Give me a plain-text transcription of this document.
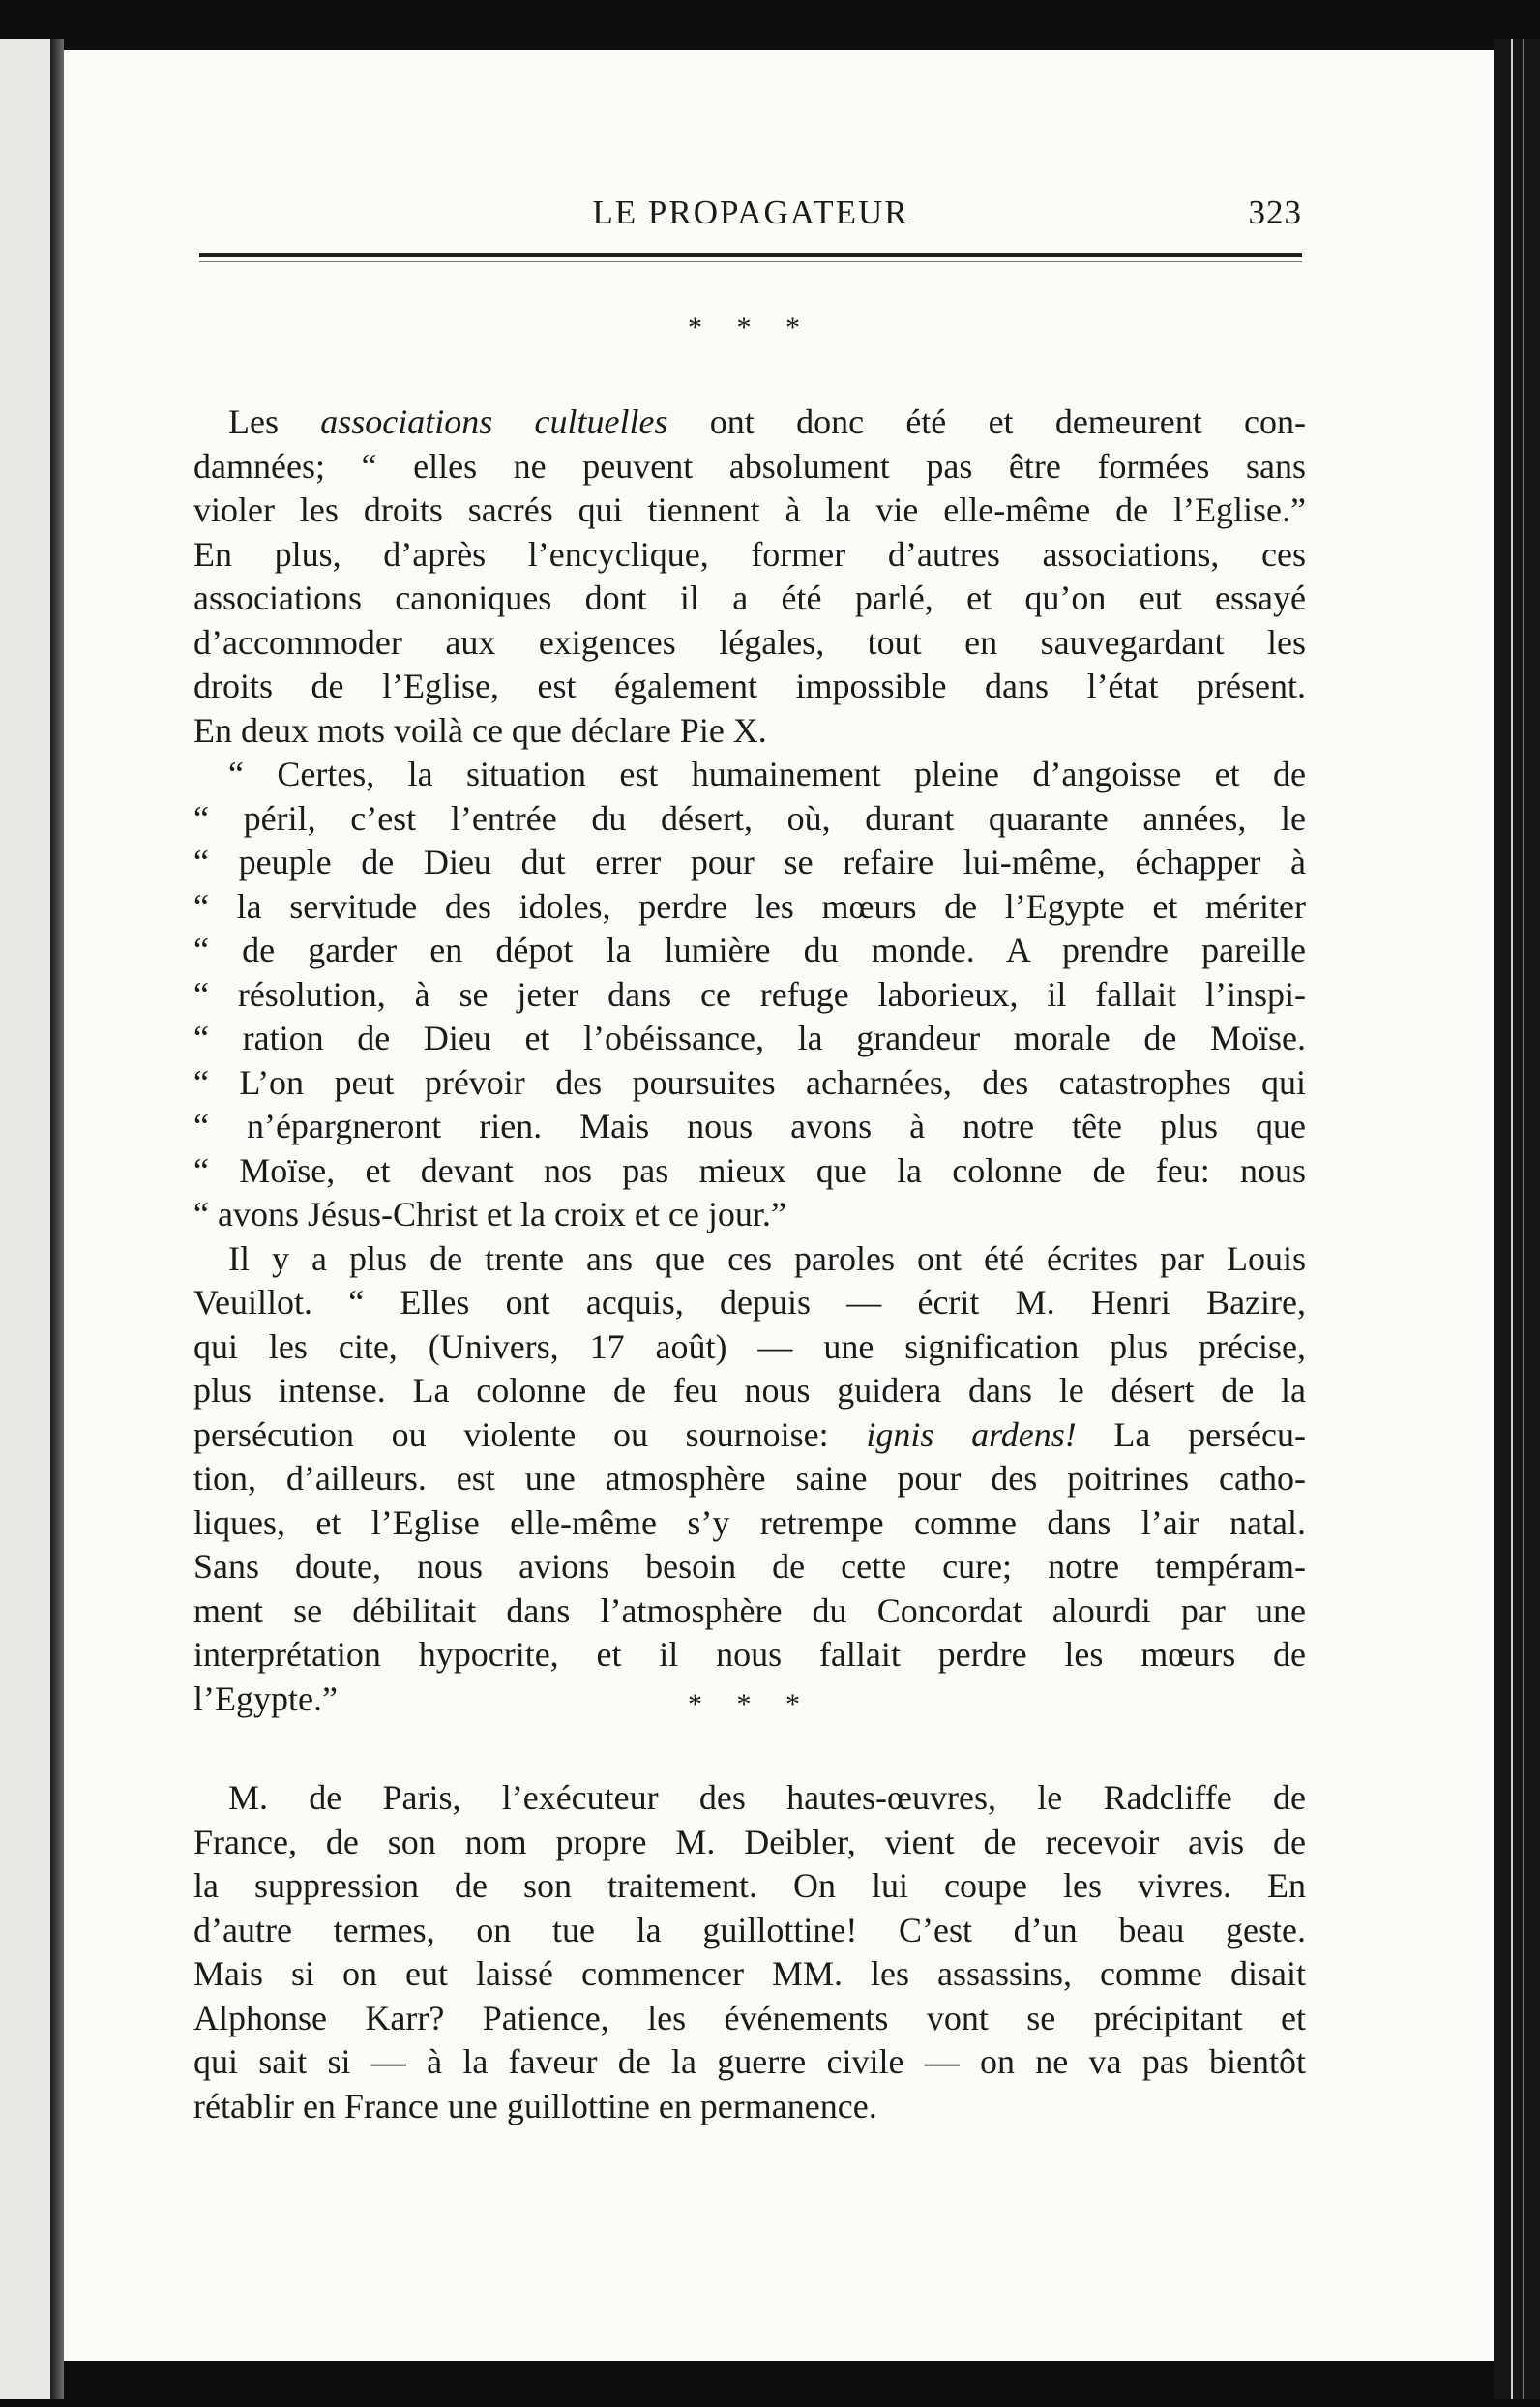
LE PROPAGATEUR	323
* * *
Les associations cultuelles ont donc été et demeurent con-
damnées; “ elles ne peuvent absolument pas être formées sans
violer les droits sacrés qui tiennent à la vie elle-même de l’Eglise.”
En plus, d’après l’encyclique, former d’autres associations, ces
associations canoniques dont il a été parlé, et qu’on eut essayé
d’accommoder aux exigences légales, tout en sauvegardant les
droits de l’Eglise, est également impossible dans l’état présent.
En deux mots voilà ce que déclare Pie X.
“ Certes, la situation est humainement pleine d’angoisse et de
“ péril, c’est l’entrée du désert, où, durant quarante années, le
“ peuple de Dieu dut errer pour se refaire lui-même, échapper à
“ la servitude des idoles, perdre les mœurs de l’Egypte et mériter
“ de garder en dépot la lumière du monde. A prendre pareille
“ résolution, à se jeter dans ce refuge laborieux, il fallait l’inspi-
“ ration de Dieu et l’obéissance, la grandeur morale de Moïse.
“ L’on peut prévoir des poursuites acharnées, des catastrophes qui
“ n’épargneront rien. Mais nous avons à notre tête plus que
“ Moïse, et devant nos pas mieux que la colonne de feu: nous
“ avons Jésus-Christ et la croix et ce jour.”
Il y a plus de trente ans que ces paroles ont été écrites par Louis
Veuillot. “ Elles ont acquis, depuis — écrit M. Henri Bazire,
qui les cite, (Univers, 17 août) — une signification plus précise,
plus intense. La colonne de feu nous guidera dans le désert de la
persécution ou violente ou sournoise: ignis ardens! La persécu-
tion, d’ailleurs. est une atmosphère saine pour des poitrines catho-
liques, et l’Eglise elle-même s’y retrempe comme dans l’air natal.
Sans doute, nous avions besoin de cette cure; notre tempéram-
ment se débilitait dans l’atmosphère du Concordat alourdi par une
interprétation hypocrite, et il nous fallait perdre les mœurs de
l’Egypte.”	* * *
M. de Paris, l’exécuteur des hautes-œuvres, le Radcliffe de
France, de son nom propre M. Deibler, vient de recevoir avis de
la suppression de son traitement. On lui coupe les vivres. En
d’autre termes, on tue la guillottine! C’est d’un beau geste.
Mais si on eut laissé commencer MM. les assassins, comme disait
Alphonse Karr? Patience, les événements vont se précipitant et
qui sait si — à la faveur de la guerre civile — on ne va pas bientôt
rétablir en France une guillottine en permanence.
